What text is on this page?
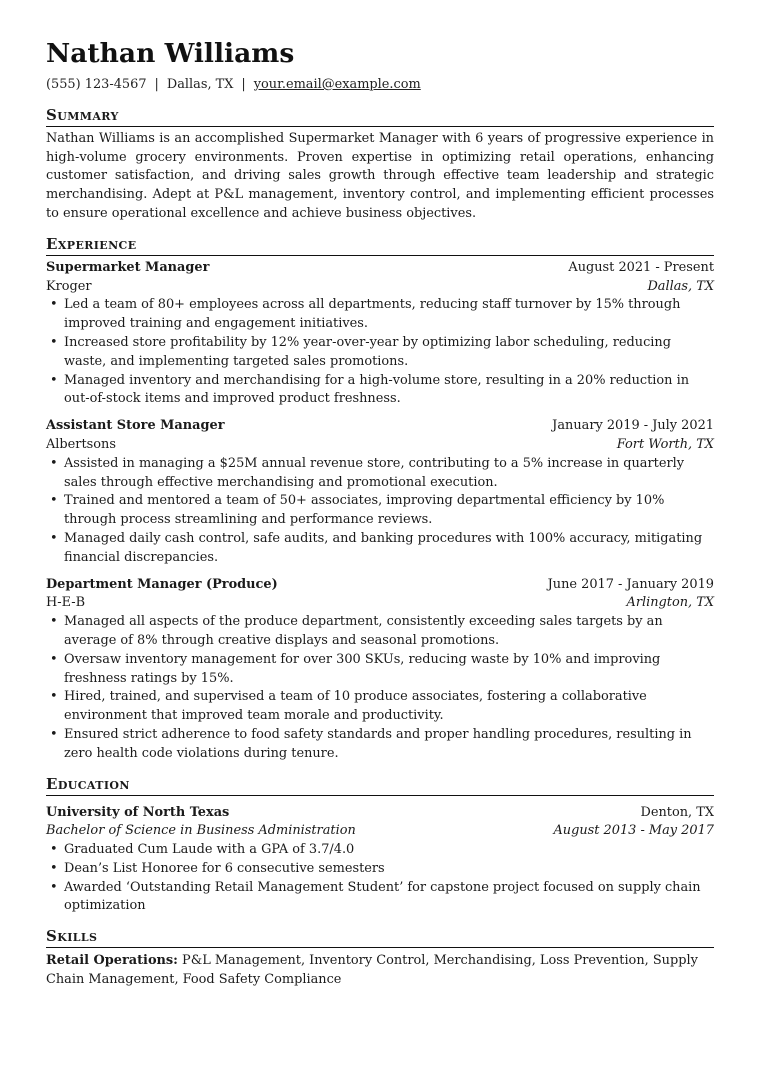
Nathan Williams
(555) 123-4567 | Dallas, TX | your.email@example.com
Summary
Nathan Williams is an accomplished Supermarket Manager with 6 years of progressive experience in high-volume grocery environments. Proven expertise in optimizing retail operations, enhancing customer satisfaction, and driving sales growth through effective team leadership and strategic merchandising. Adept at P&L management, inventory control, and implementing efficient processes to ensure operational excellence and achieve business objectives.
Experience
Supermarket Manager	August 2021 - Present
Kroger	Dallas, TX
• Led a team of 80+ employees across all departments, reducing staff turnover by 15% through improved training and engagement initiatives.
• Increased store profitability by 12% year-over-year by optimizing labor scheduling, reducing waste, and implementing targeted sales promotions.
• Managed inventory and merchandising for a high-volume store, resulting in a 20% reduction in out-of-stock items and improved product freshness.
Assistant Store Manager	January 2019 - July 2021
Albertsons	Fort Worth, TX
• Assisted in managing a $25M annual revenue store, contributing to a 5% increase in quarterly sales through effective merchandising and promotional execution.
• Trained and mentored a team of 50+ associates, improving departmental efficiency by 10% through process streamlining and performance reviews.
• Managed daily cash control, safe audits, and banking procedures with 100% accuracy, mitigating financial discrepancies.
Department Manager (Produce)	June 2017 - January 2019
H-E-B	Arlington, TX
• Managed all aspects of the produce department, consistently exceeding sales targets by an average of 8% through creative displays and seasonal promotions.
• Oversaw inventory management for over 300 SKUs, reducing waste by 10% and improving freshness ratings by 15%.
• Hired, trained, and supervised a team of 10 produce associates, fostering a collaborative environment that improved team morale and productivity.
• Ensured strict adherence to food safety standards and proper handling procedures, resulting in zero health code violations during tenure.
Education
University of North Texas	Denton, TX
Bachelor of Science in Business Administration	August 2013 - May 2017
• Graduated Cum Laude with a GPA of 3.7/4.0
• Dean’s List Honoree for 6 consecutive semesters
• Awarded ‘Outstanding Retail Management Student’ for capstone project focused on supply chain optimization
Skills
Retail Operations: P&L Management, Inventory Control, Merchandising, Loss Prevention, Supply Chain Management, Food Safety Compliance
